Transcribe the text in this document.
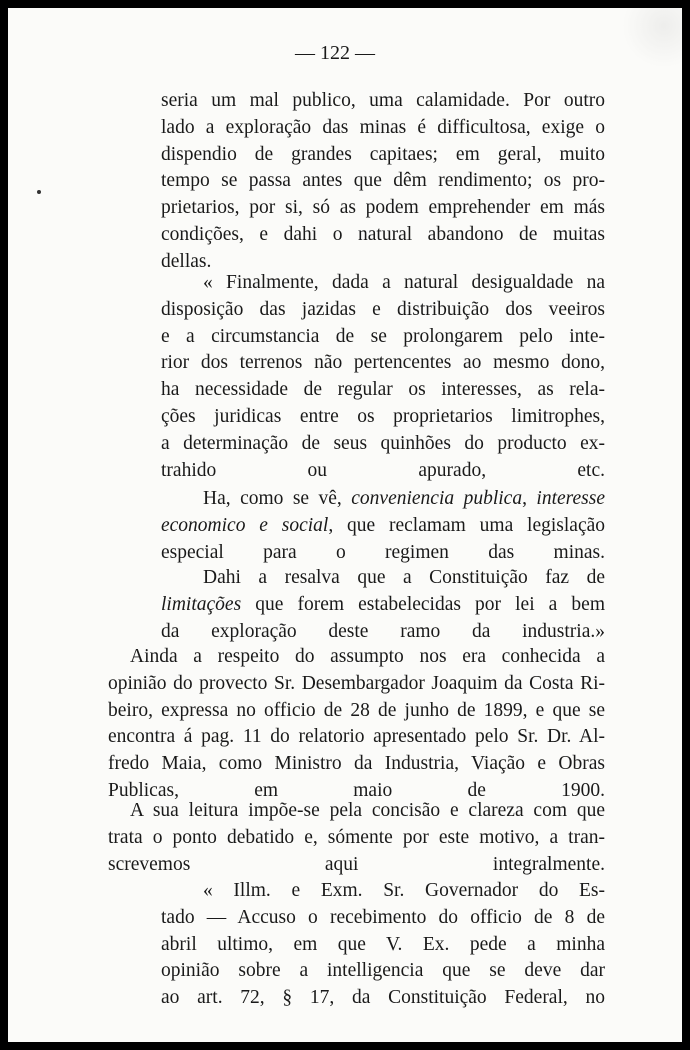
— 122 —
seria um mal publico, uma calamidade. Por outro
lado a exploração das minas é difficultosa, exige o
dispendio de grandes capitaes; em geral, muito
tempo se passa antes que dêm rendimento; os pro-
prietarios, por si, só as podem emprehender em más
condições, e dahi o natural abandono de muitas
dellas.
« Finalmente, dada a natural desigualdade na
disposição das jazidas e distribuição dos veeiros
e a circumstancia de se prolongarem pelo inte-
rior dos terrenos não pertencentes ao mesmo dono,
ha necessidade de regular os interesses, as rela-
ções juridicas entre os proprietarios limitrophes,
a determinação de seus quinhões do producto ex-
trahido ou apurado, etc.
Ha, como se vê, conveniencia publica, interesse
economico e social, que reclamam uma legislação
especial para o regimen das minas.
Dahi a resalva que a Constituição faz de
limitações que forem estabelecidas por lei a bem
da exploração deste ramo da industria.»
Ainda a respeito do assumpto nos era conhecida a
opinião do provecto Sr. Desembargador Joaquim da Costa Ri-
beiro, expressa no officio de 28 de junho de 1899, e que se
encontra á pag. 11 do relatorio apresentado pelo Sr. Dr. Al-
fredo Maia, como Ministro da Industria, Viação e Obras
Publicas, em maio de 1900.
A sua leitura impõe-se pela concisão e clareza com que
trata o ponto debatido e, sómente por este motivo, a tran-
screvemos aqui integralmente.
« Illm. e Exm. Sr. Governador do Es-
tado — Accuso o recebimento do officio de 8 de
abril ultimo, em que V. Ex. pede a minha
opinião sobre a intelligencia que se deve dar
ao art. 72, § 17, da Constituição Federal, no
